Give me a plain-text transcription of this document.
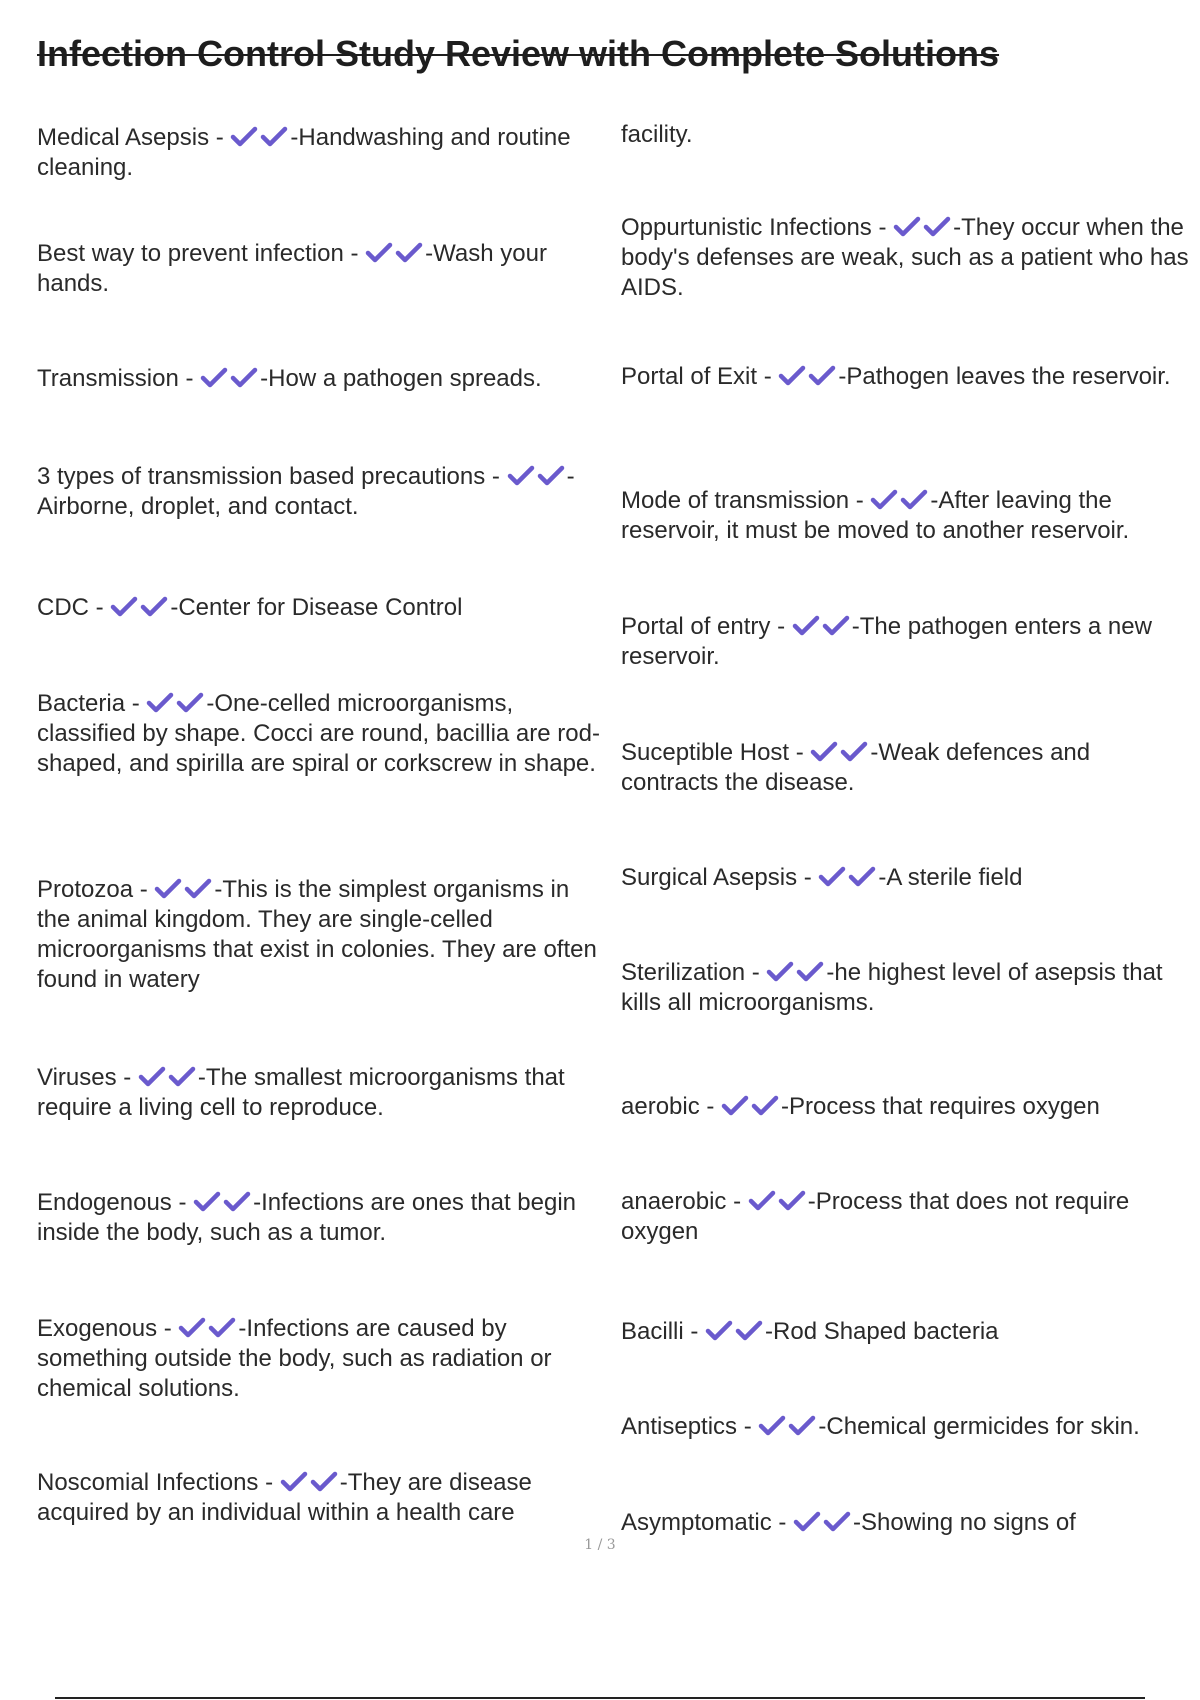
Infection Control Study Review with Complete Solutions
Medical Asepsis -	-Handwashing and routine cleaning.
Best way to prevent infection -	-Wash your hands.
Transmission -	-How a pathogen spreads.
3 types of transmission based precautions -	-Airborne, droplet, and contact.
CDC -	-Center for Disease Control
Bacteria -	-One-celled microorganisms, classified by shape. Cocci are round, bacillia are rod-shaped, and spirilla are spiral or corkscrew in shape.
Protozoa -	-This is the simplest organisms in the animal kingdom. They are single-celled microorganisms that exist in colonies. They are often found in watery
Viruses -	-The smallest microorganisms that require a living cell to reproduce.
Endogenous -	-Infections are ones that begin inside the body, such as a tumor.
Exogenous -	-Infections are caused by something outside the body, such as radiation or chemical solutions.
Noscomial Infections -	-They are disease acquired by an individual within a health care
facility.
Oppurtunistic Infections -	-They occur when the body's defenses are weak, such as a patient who has AIDS.
Portal of Exit -	-Pathogen leaves the reservoir.
Mode of transmission -	-After leaving the reservoir, it must be moved to another reservoir.
Portal of entry -	-The pathogen enters a new reservoir.
Suceptible Host -	-Weak defences and contracts the disease.
Surgical Asepsis -	-A sterile field
Sterilization -	-he highest level of asepsis that kills all microorganisms.
aerobic -	-Process that requires oxygen
anaerobic -	-Process that does not require oxygen
Bacilli -	-Rod Shaped bacteria
Antiseptics -	-Chemical germicides for skin.
Asymptomatic -	-Showing no signs of
1 / 3
